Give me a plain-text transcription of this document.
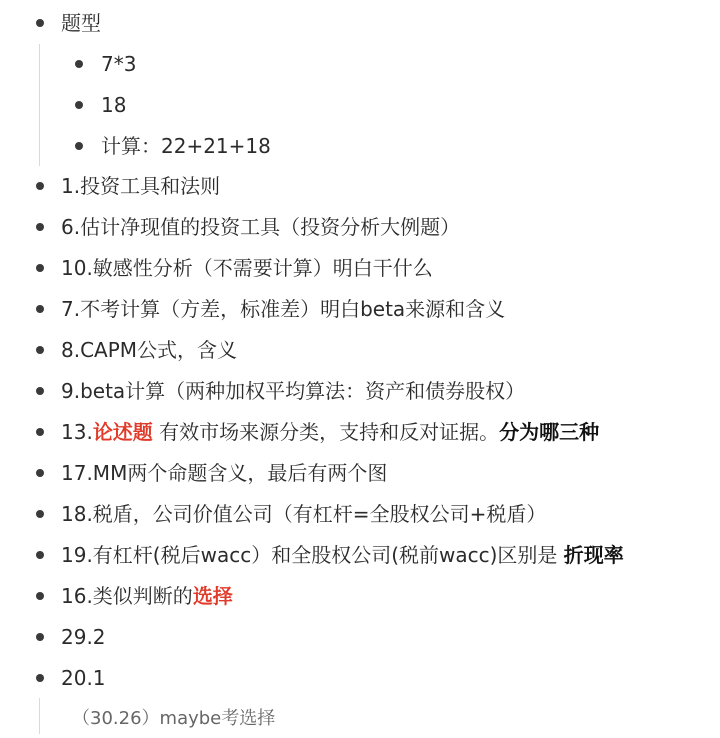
题型
7*3
18
计算：22+21+18
1.投资工具和法则
6.估计净现值的投资工具（投资分析大例题）
10.敏感性分析（不需要计算）明白干什么
7.不考计算（方差，标准差）明白beta来源和含义
8.CAPM公式，含义
9.beta计算（两种加权平均算法：资产和债券股权）
13.论述题 有效市场来源分类，支持和反对证据。分为哪三种
17.MM两个命题含义，最后有两个图
18.税盾，公司价值公司（有杠杆=全股权公司+税盾）
19.有杠杆(税后wacc）和全股权公司(税前wacc)区别是 折现率
16.类似判断的选择
29.2
20.1
（30.26）maybe考选择
